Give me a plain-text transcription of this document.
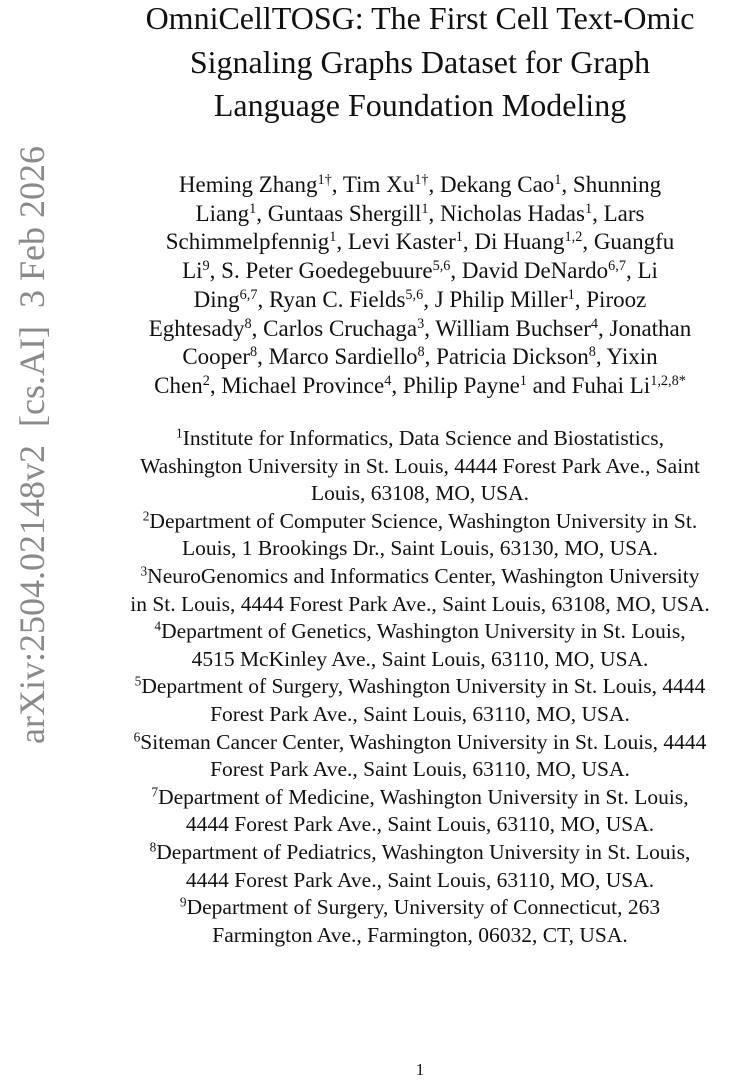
arXiv:2504.02148v2  [cs.AI]  3 Feb 2026
OmniCellTOSG: The First Cell Text-Omic
Signaling Graphs Dataset for Graph
Language Foundation Modeling
Heming Zhang$^{1\dagger}$, Tim $Xu^{1\dagger}$, Dekang Cao$^1$, Shunning
Liang$^1$, Guntaas Shergill$^1$, Nicholas Hadas$^1$, Lars
Schimmelpfennig$^1$, Levi Kaster$^1$, Di Huang$^{1,2}$, Guangfu
Li$^9$, S. Peter Goedegebuure$^{5,6}$, David DeNardo$^{6,7}$, Li
Ding$^{6,7}$, Ryan C. Fields$^{5,6}$, J Philip Miller$^1$, Pirooz
Eghtesady$^8$, Carlos Cruchaga$^3$, William Buchser$^4$, Jonathan
Cooper$^8$, Marco Sardiello$^8$, Patricia Dickson$^8$, Yixin
Chen$^2$, Michael Province$^4$, Philip Payne$^1$ and Fuhai $Li^{1,2,8*}$
$^1$Institute for Informatics, Data Science and Biostatistics,
Washington University in St. Louis, 4444 Forest Park Ave., Saint
Louis, 63108, MO, USA.
$^2$Department of Computer Science, Washington University in St.
Louis, 1 Brookings Dr., Saint Louis, 63130, MO, USA.
$^3$NeuroGenomics and Informatics Center, Washington University
in St. Louis, 4444 Forest Park Ave., Saint Louis, 63108, MO, USA.
$^4$Department of Genetics, Washington University in St. Louis,
4515 McKinley Ave., Saint Louis, 63110, MO, USA.
$^5$Department of Surgery, Washington University in St. Louis, 4444
Forest Park Ave., Saint Louis, 63110, MO, USA.
$^6$Siteman Cancer Center, Washington University in St. Louis, 4444
Forest Park Ave., Saint Louis, 63110, MO, USA.
$^7$Department of Medicine, Washington University in St. Louis,
4444 Forest Park Ave., Saint Louis, 63110, MO, USA.
$^8$Department of Pediatrics, Washington University in St. Louis,
4444 Forest Park Ave., Saint Louis, 63110, MO, USA.
$^9$Department of Surgery, University of Connecticut, 263
Farmington Ave., Farmington, 06032, CT, USA.
1
